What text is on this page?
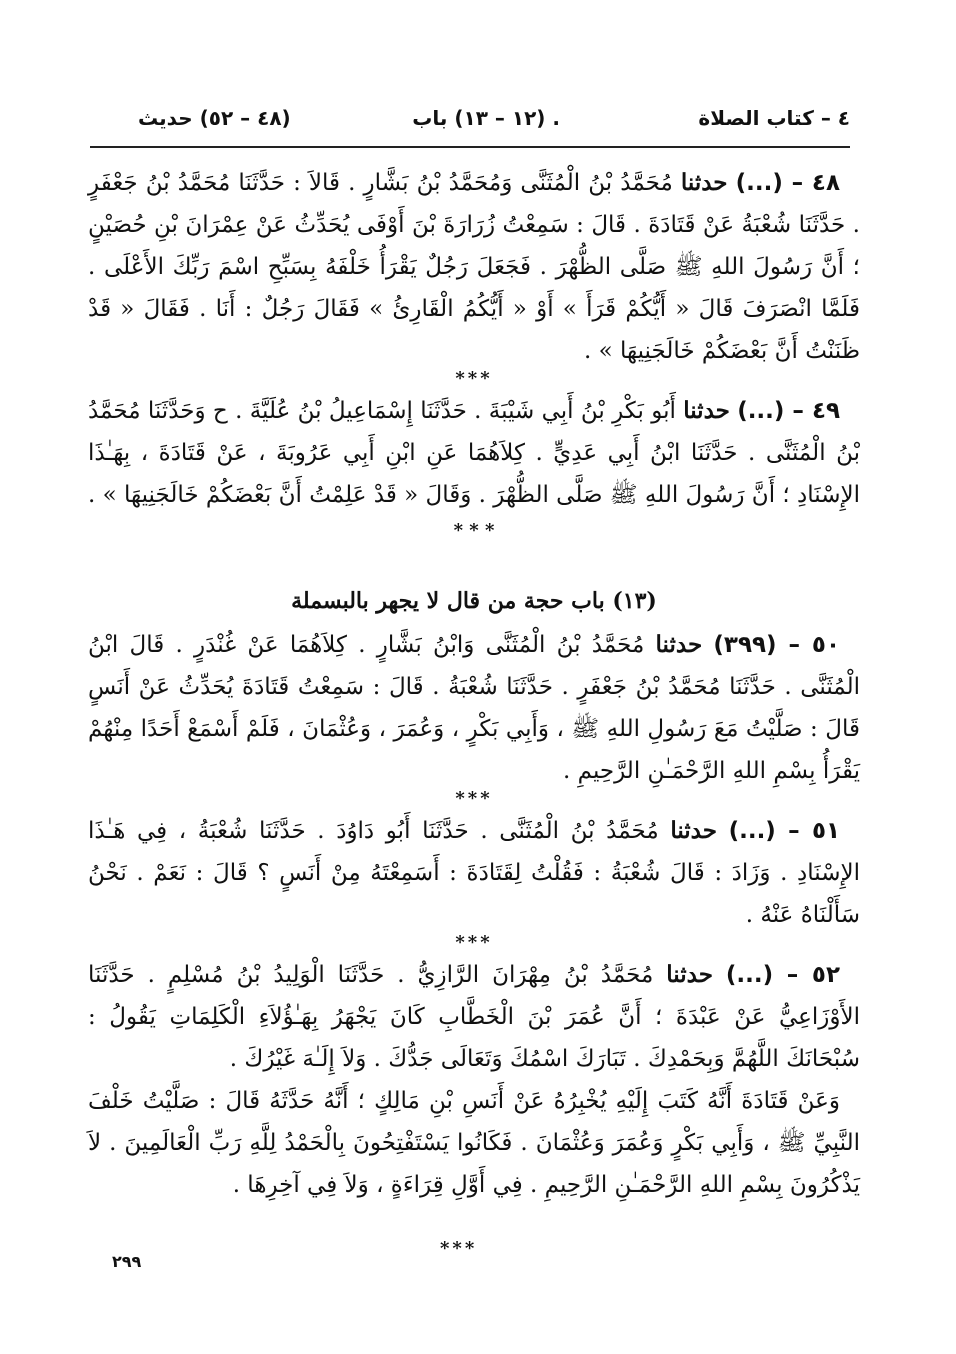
٤ – كتاب الصلاة
. (١٢ – ١٣) باب
(٤٨ – ٥٢) حديث

٤٨ – (...) حدثنا مُحَمَّدُ بْنُ الْمُثَنَّى وَمُحَمَّدُ بْنُ بَشَّارٍ . قَالاَ : حَدَّثَنَا مُحَمَّدُ بْنُ جَعْفَرٍ . حَدَّثَنَا شُعْبَةُ عَنْ قَتَادَةَ . قَالَ : سَمِعْتُ زُرَارَةَ بْنَ أَوْفَى يُحَدِّثُ عَنْ عِمْرَانَ بْنِ حُصَيْنٍ ؛ أَنَّ رَسُولَ اللهِ ﷺ صَلَّى الظُّهْرَ . فَجَعَلَ رَجُلٌ يَقْرَأُ خَلْفَهُ بِسَبِّحِ اسْمَ رَبِّكَ الأَعْلَى . فَلَمَّا انْصَرَفَ قَالَ « أَيُّكُمْ قَرَأَ » أَوْ « أَيُّكُمُ الْقَارِئُ » فَقَالَ رَجُلٌ : أَنَا . فَقَالَ « قَدْ ظَنَنْتُ أَنَّ بَعْضَكُمْ خَالَجَنِيهَا » .

***

٤٩ – (...) حدثنا أَبُو بَكْرِ بْنُ أَبِي شَيْبَةَ . حَدَّثَنَا إِسْمَاعِيلُ بْنُ عُلَيَّةَ . ح وَحَدَّثَنَا مُحَمَّدُ بْنُ الْمُثَنَّى . حَدَّثَنَا ابْنُ أَبِي عَدِيٍّ . كِلاَهُمَا عَنِ ابْنِ أَبِي عَرُوبَةَ ، عَنْ قَتَادَةَ ، بِهَـٰذَا الإِسْنَادِ ؛ أَنَّ رَسُولَ اللهِ ﷺ صَلَّى الظُّهْرَ . وَقَالَ « قَدْ عَلِمْتُ أَنَّ بَعْضَكُمْ خَالَجَنِيهَا » .

* * *
(١٣) باب حجة من قال لا يجهر بالبسملة

٥٠ – (٣٩٩) حدثنا مُحَمَّدُ بْنُ الْمُثَنَّى وَابْنُ بَشَّارٍ . كِلاَهُمَا عَنْ غُنْدَرٍ . قَالَ ابْنُ الْمُثَنَّى . حَدَّثَنَا مُحَمَّدُ بْنُ جَعْفَرٍ . حَدَّثَنَا شُعْبَةُ . قَالَ : سَمِعْتُ قَتَادَةَ يُحَدِّثُ عَنْ أَنَسٍ قَالَ : صَلَّيْتُ مَعَ رَسُولِ اللهِ ﷺ ، وَأَبِي بَكْرٍ ، وَعُمَرَ ، وَعُثْمَانَ ، فَلَمْ أَسْمَعْ أَحَدًا مِنْهُمْ يَقْرَأُ بِسْمِ اللهِ الرَّحْمَـٰنِ الرَّحِيمِ .

***

٥١ – (...) حدثنا مُحَمَّدُ بْنُ الْمُثَنَّى . حَدَّثَنَا أَبُو دَاوُدَ . حَدَّثَنَا شُعْبَةُ ، فِي هَـٰذَا الإِسْنَادِ . وَزَادَ : قَالَ شُعْبَةُ : فَقُلْتُ لِقَتَادَةَ : أَسَمِعْتَهُ مِنْ أَنَسٍ ؟ قَالَ : نَعَمْ . نَحْنُ سَأَلْنَاهُ عَنْهُ .

***

٥٢ – (...) حدثنا مُحَمَّدُ بْنُ مِهْرَانَ الرَّازِيُّ . حَدَّثَنَا الْوَلِيدُ بْنُ مُسْلِمٍ . حَدَّثَنَا الأَوْزَاعِيُّ عَنْ عَبْدَةَ ؛ أَنَّ عُمَرَ بْنَ الْخَطَّابِ كَانَ يَجْهَرُ بِهَـٰؤُلاَءِ الْكَلِمَاتِ يَقُولُ : سُبْحَانَكَ اللَّهُمَّ وَبِحَمْدِكَ . تَبَارَكَ اسْمُكَ وَتَعَالَى جَدُّكَ . وَلاَ إِلَـٰهَ غَيْرُكَ .

وَعَنْ قَتَادَةَ أَنَّهُ كَتَبَ إِلَيْهِ يُخْبِرُهُ عَنْ أَنَسِ بْنِ مَالِكٍ ؛ أَنَّهُ حَدَّثَهُ قَالَ : صَلَّيْتُ خَلْفَ النَّبِيِّ ﷺ ، وَأَبِي بَكْرٍ وَعُمَرَ وَعُثْمَانَ . فَكَانُوا يَسْتَفْتِحُونَ بِالْحَمْدُ لِلَّهِ رَبِّ الْعَالَمِينَ . لاَ يَذْكُرُونَ بِسْمِ اللهِ الرَّحْمَـٰنِ الرَّحِيمِ . فِي أَوَّلِ قِرَاءَةٍ ، وَلاَ فِي آخِرِهَا .

***
٢٩٩
